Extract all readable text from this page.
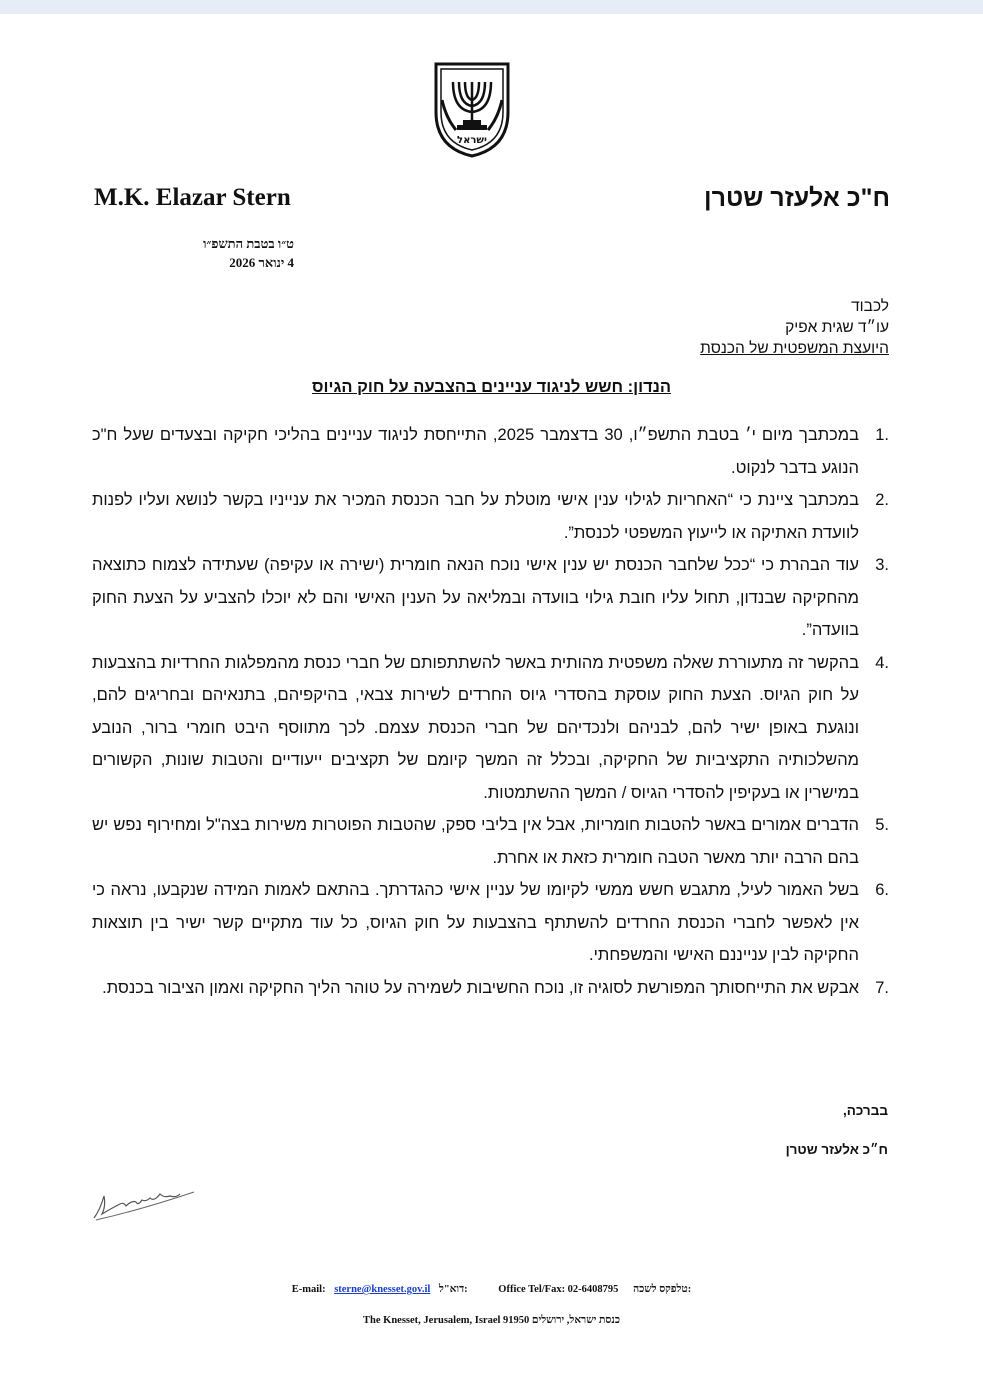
ישראל
M.K. Elazar Stern	ח"כ אלעזר שטרן
ט״ו בטבת התשפ״ו
4 ינואר 2026
לכבוד
עו״ד שגית אפיק
היועצת המשפטית של הכנסת
הנדון: חשש לניגוד עניינים בהצבעה על חוק הגיוס
1.
במכתבך מיום י׳ בטבת התשפ״ו, 30 בדצמבר 2025, התייחסת לניגוד עניינים בהליכי חקיקה ובצעדים שעל ח"כ הנוגע בדבר לנקוט.
2.
במכתבך ציינת כי “האחריות לגילוי ענין אישי מוטלת על חבר הכנסת המכיר את ענייניו בקשר לנושא ועליו לפנות לוועדת האתיקה או לייעוץ המשפטי לכנסת”.
3.
עוד הבהרת כי “ככל שלחבר הכנסת יש ענין אישי נוכח הנאה חומרית (ישירה או עקיפה) שעתידה לצמוח כתוצאה מהחקיקה שבנדון, תחול עליו חובת גילוי בוועדה ובמליאה על הענין האישי והם לא יוכלו להצביע על הצעת החוק בוועדה”.
4.
בהקשר זה מתעוררת שאלה משפטית מהותית באשר להשתתפותם של חברי כנסת מהמפלגות החרדיות בהצבעות על חוק הגיוס. הצעת החוק עוסקת בהסדרי גיוס החרדים לשירות צבאי, בהיקפיהם, בתנאיהם ובחריגים להם, ונוגעת באופן ישיר להם, לבניהם ולנכדיהם של חברי הכנסת עצמם. לכך מתווסף היבט חומרי ברור, הנובע מהשלכותיה התקציביות של החקיקה, ובכלל זה המשך קיומם של תקציבים ייעודיים והטבות שונות, הקשורים במישרין או בעקיפין להסדרי הגיוס / המשך ההשתמטות.
5.
הדברים אמורים באשר להטבות חומריות, אבל אין בליבי ספק, שהטבות הפוטרות משירות בצה"ל ומחירוף נפש יש בהם הרבה יותר מאשר הטבה חומרית כזאת או אחרת.
6.
בשל האמור לעיל, מתגבש חשש ממשי לקיומו של עניין אישי כהגדרתך. בהתאם לאמות המידה שנקבעו, נראה כי אין לאפשר לחברי הכנסת החרדים להשתתף בהצבעות על חוק הגיוס, כל עוד מתקיים קשר ישיר בין תוצאות החקיקה לבין ענייננם האישי והמשפחתי.
7.
אבקש את התייחסותך המפורשת לסוגיה זו, נוכח החשיבות לשמירה על טוהר הליך החקיקה ואמון הציבור בכנסת.
בברכה,
ח״כ אלעזר שטרן
E-mail: sterne@knesset.gov.il דוא"ל:	Office Tel/Fax: 02-6408795 טלפקס לשכה:
The Knesset, Jerusalem, Israel 91950 כנסת ישראל, ירושלים
